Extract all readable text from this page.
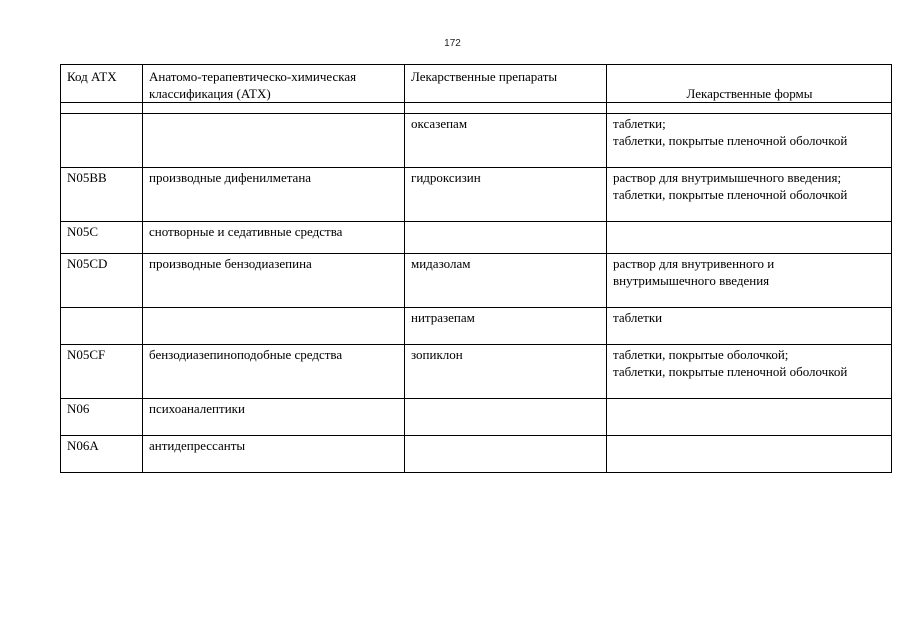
172
Код АТХ	Анатомо-терапевтическо-химическая
классификация (АТХ)	Лекарственные препараты	Лекарственные формы

		оксазепам	таблетки;
таблетки, покрытые пленочной оболочкой

N05BB	производные дифенилметана	гидроксизин	раствор для внутримышечного введения;
таблетки, покрытые пленочной оболочкой

N05C	снотворные и седативные средства		

N05CD	производные бензодиазепина	мидазолам	раствор для внутривенного и
внутримышечного введения

		нитразепам	таблетки

N05CF	бензодиазепиноподобные средства	зопиклон	таблетки, покрытые оболочкой;
таблетки, покрытые пленочной оболочкой

N06	психоаналептики		

N06A	антидепрессанты		
